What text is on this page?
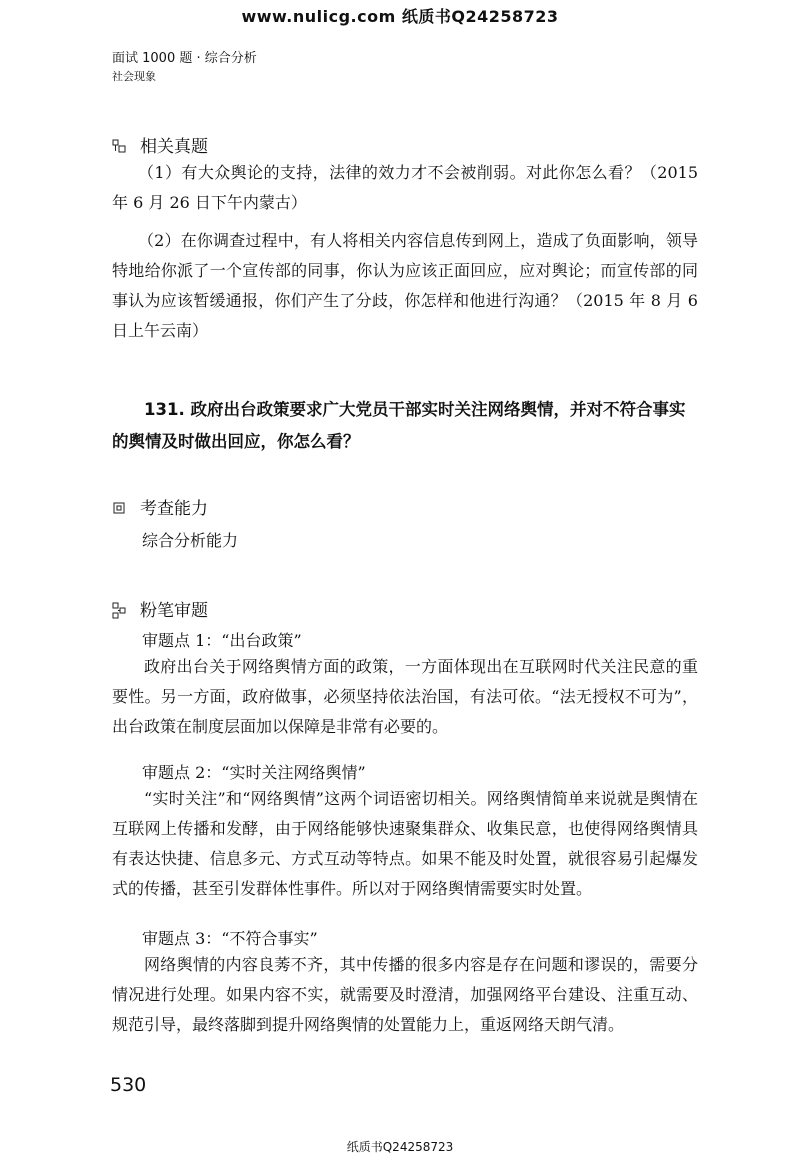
www.nulicg.com 纸质书Q24258723
面试 1000 题 · 综合分析
社会现象
相关真题

（1）有大众舆论的支持，法律的效力才不会被削弱。对此你怎么看？（2015 年 6 月 26 日下午内蒙古）

（2）在你调查过程中，有人将相关内容信息传到网上，造成了负面影响，领导特地给你派了一个宣传部的同事，你认为应该正面回应，应对舆论；而宣传部的同事认为应该暂缓通报，你们产生了分歧，你怎样和他进行沟通？（2015 年 8 月 6 日上午云南）

131. 政府出台政策要求广大党员干部实时关注网络舆情，并对不符合事实的舆情及时做出回应，你怎么看？

考查能力
综合分析能力
粉笔审题
审题点 1：“出台政策”

政府出台关于网络舆情方面的政策，一方面体现出在互联网时代关注民意的重要性。另一方面，政府做事，必须坚持依法治国，有法可依。“法无授权不可为”，出台政策在制度层面加以保障是非常有必要的。

审题点 2：“实时关注网络舆情”

“实时关注”和“网络舆情”这两个词语密切相关。网络舆情简单来说就是舆情在互联网上传播和发酵，由于网络能够快速聚集群众、收集民意，也使得网络舆情具有表达快捷、信息多元、方式互动等特点。如果不能及时处置，就很容易引起爆发式的传播，甚至引发群体性事件。所以对于网络舆情需要实时处置。

审题点 3：“不符合事实”

网络舆情的内容良莠不齐，其中传播的很多内容是存在问题和谬误的，需要分情况进行处理。如果内容不实，就需要及时澄清，加强网络平台建设、注重互动、规范引导，最终落脚到提升网络舆情的处置能力上，重返网络天朗气清。

530
纸质书Q24258723
